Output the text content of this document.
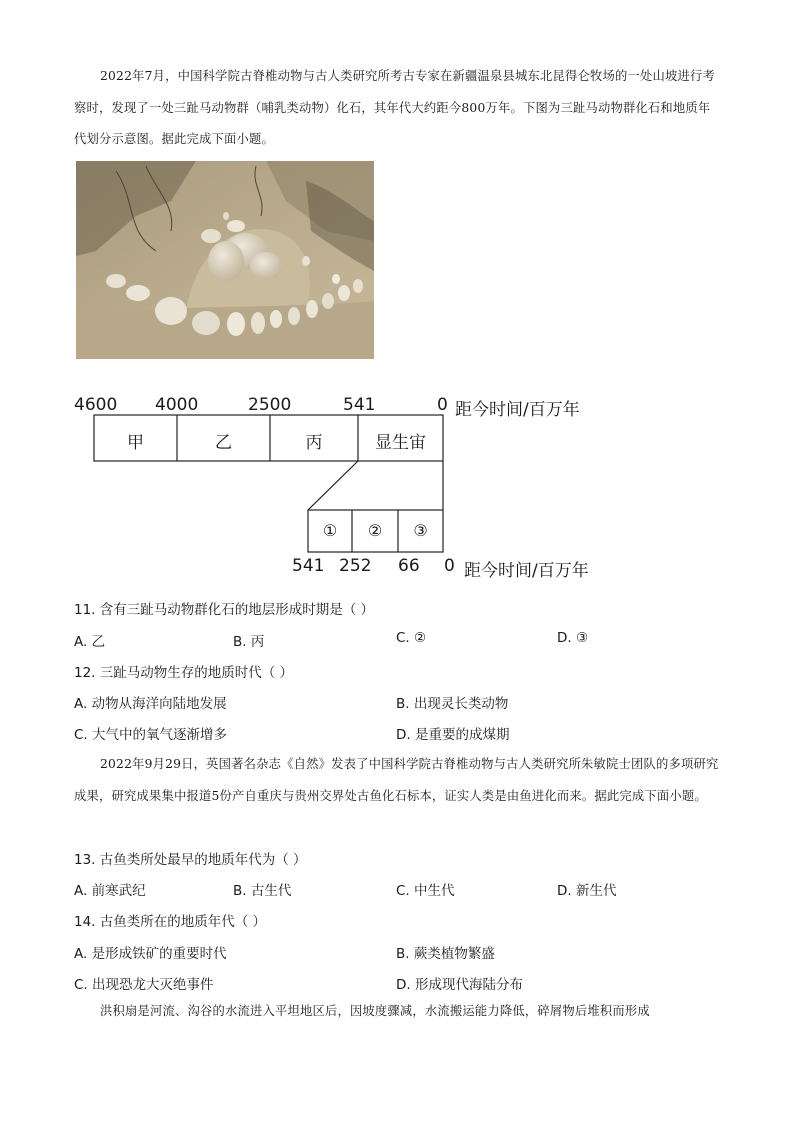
2022年7月，中国科学院古脊椎动物与古人类研究所考古专家在新疆温泉县城东北昆得仑牧场的一处山坡进行考察时，发现了一处三趾马动物群（哺乳类动物）化石，其年代大约距今800万年。下图为三趾马动物群化石和地质年代划分示意图。据此完成下面小题。

4600 4000	2500	541	0 距今时间/百万年
甲	乙	丙	显生宙
①	②	③
541 252 66 0 距今时间/百万年
11. 含有三趾马动物群化石的地层形成时期是（ ）
A. 乙	B. 丙	C. ②	D. ③
12. 三趾马动物生存的地质时代（ ）
A. 动物从海洋向陆地发展	B. 出现灵长类动物
C. 大气中的氧气逐渐增多	D. 是重要的成煤期

2022年9月29日，英国著名杂志《自然》发表了中国科学院古脊椎动物与古人类研究所朱敏院士团队的多项研究成果，研究成果集中报道5份产自重庆与贵州交界处古鱼化石标本，证实人类是由鱼进化而来。据此完成下面小题。

13. 古鱼类所处最早的地质年代为（ ）
A. 前寒武纪	B. 古生代	C. 中生代	D. 新生代
14. 古鱼类所在的地质年代（ ）
A. 是形成铁矿的重要时代	B. 蕨类植物繁盛
C. 出现恐龙大灭绝事件	D. 形成现代海陆分布

洪积扇是河流、沟谷的水流进入平坦地区后，因坡度骤减，水流搬运能力降低，碎屑物后堆积而形成
